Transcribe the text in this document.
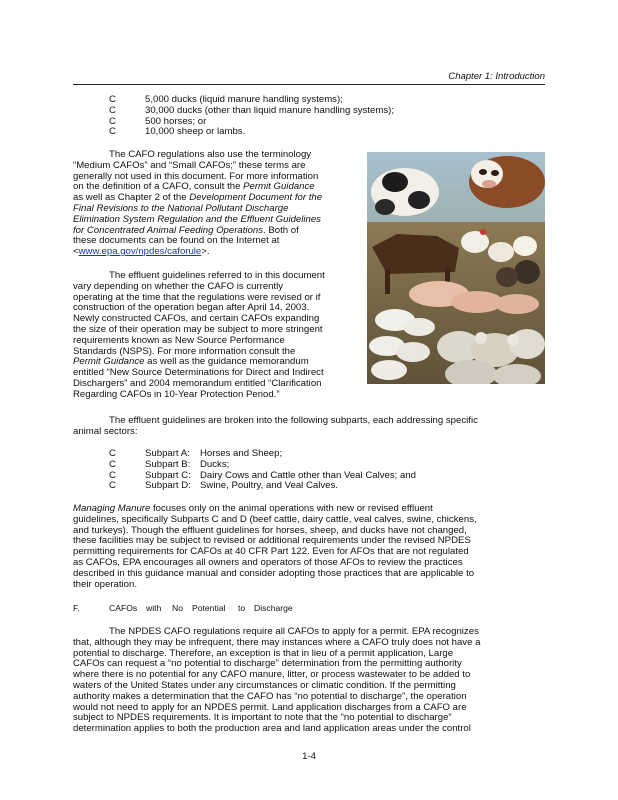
Chapter 1: Introduction
C	5,000 ducks (liquid manure handling systems);
C	30,000 ducks (other than liquid manure handling systems);
C	500 horses; or
C	10,000 sheep or lambs.
The CAFO regulations also use the terminology
“Medium CAFOs” and “Small CAFOs;” these terms are
generally not used in this document. For more information
on the definition of a CAFO, consult the Permit Guidance
as well as Chapter 2 of the Development Document for the
Final Revisions to the National Pollutant Discharge
Elimination System Regulation and the Effluent Guidelines
for Concentrated Animal Feeding Operations. Both of
these documents can be found on the Internet at
<www.epa.gov/npdes/caforule>.
The effluent guidelines referred to in this document
vary depending on whether the CAFO is currently
operating at the time that the regulations were revised or if
construction of the operation began after April 14, 2003.
Newly constructed CAFOs, and certain CAFOs expanding
the size of their operation may be subject to more stringent
requirements known as New Source Performance
Standards (NSPS). For more information consult the
Permit Guidance as well as the guidance memorandum
entitled “New Source Determinations for Direct and Indirect
Dischargers” and 2004 memorandum entitled “Clarification
Regarding CAFOs in 10-Year Protection Period.”
The effluent guidelines are broken into the following subparts, each addressing specific
animal sectors:
C	Subpart A:	Horses and Sheep;
C	Subpart B:	Ducks;
C	Subpart C: Dairy Cows and Cattle other than Veal Calves; and
C	Subpart D: Swine, Poultry, and Veal Calves.
Managing Manure focuses only on the animal operations with new or revised effluent
guidelines, specifically Subparts C and D (beef cattle, dairy cattle, veal calves, swine, chickens,
and turkeys). Though the effluent guidelines for horses, sheep, and ducks have not changed,
these facilities may be subject to revised or additional requirements under the revised NPDES
permitting requirements for CAFOs at 40 CFR Part 122. Even for AFOs that are not regulated
as CAFOs, EPA encourages all owners and operators of those AFOs to review the practices
described in this guidance manual and consider adopting those practices that are applicable to
their operation.
F.	CAFOs with No Potential to Discharge
The NPDES CAFO regulations require all CAFOs to apply for a permit. EPA recognizes
that, although they may be infrequent, there may instances where a CAFO truly does not have a
potential to discharge. Therefore, an exception is that in lieu of a permit application, Large
CAFOs can request a “no potential to discharge” determination from the permitting authority
where there is no potential for any CAFO manure, litter, or process wastewater to be added to
waters of the United States under any circumstances or climatic condition. If the permitting
authority makes a determination that the CAFO has “no potential to discharge”, the operation
would not need to apply for an NPDES permit. Land application discharges from a CAFO are
subject to NPDES requirements. It is important to note that the “no potential to discharge”
determination applies to both the production area and land application areas under the control
1-4
